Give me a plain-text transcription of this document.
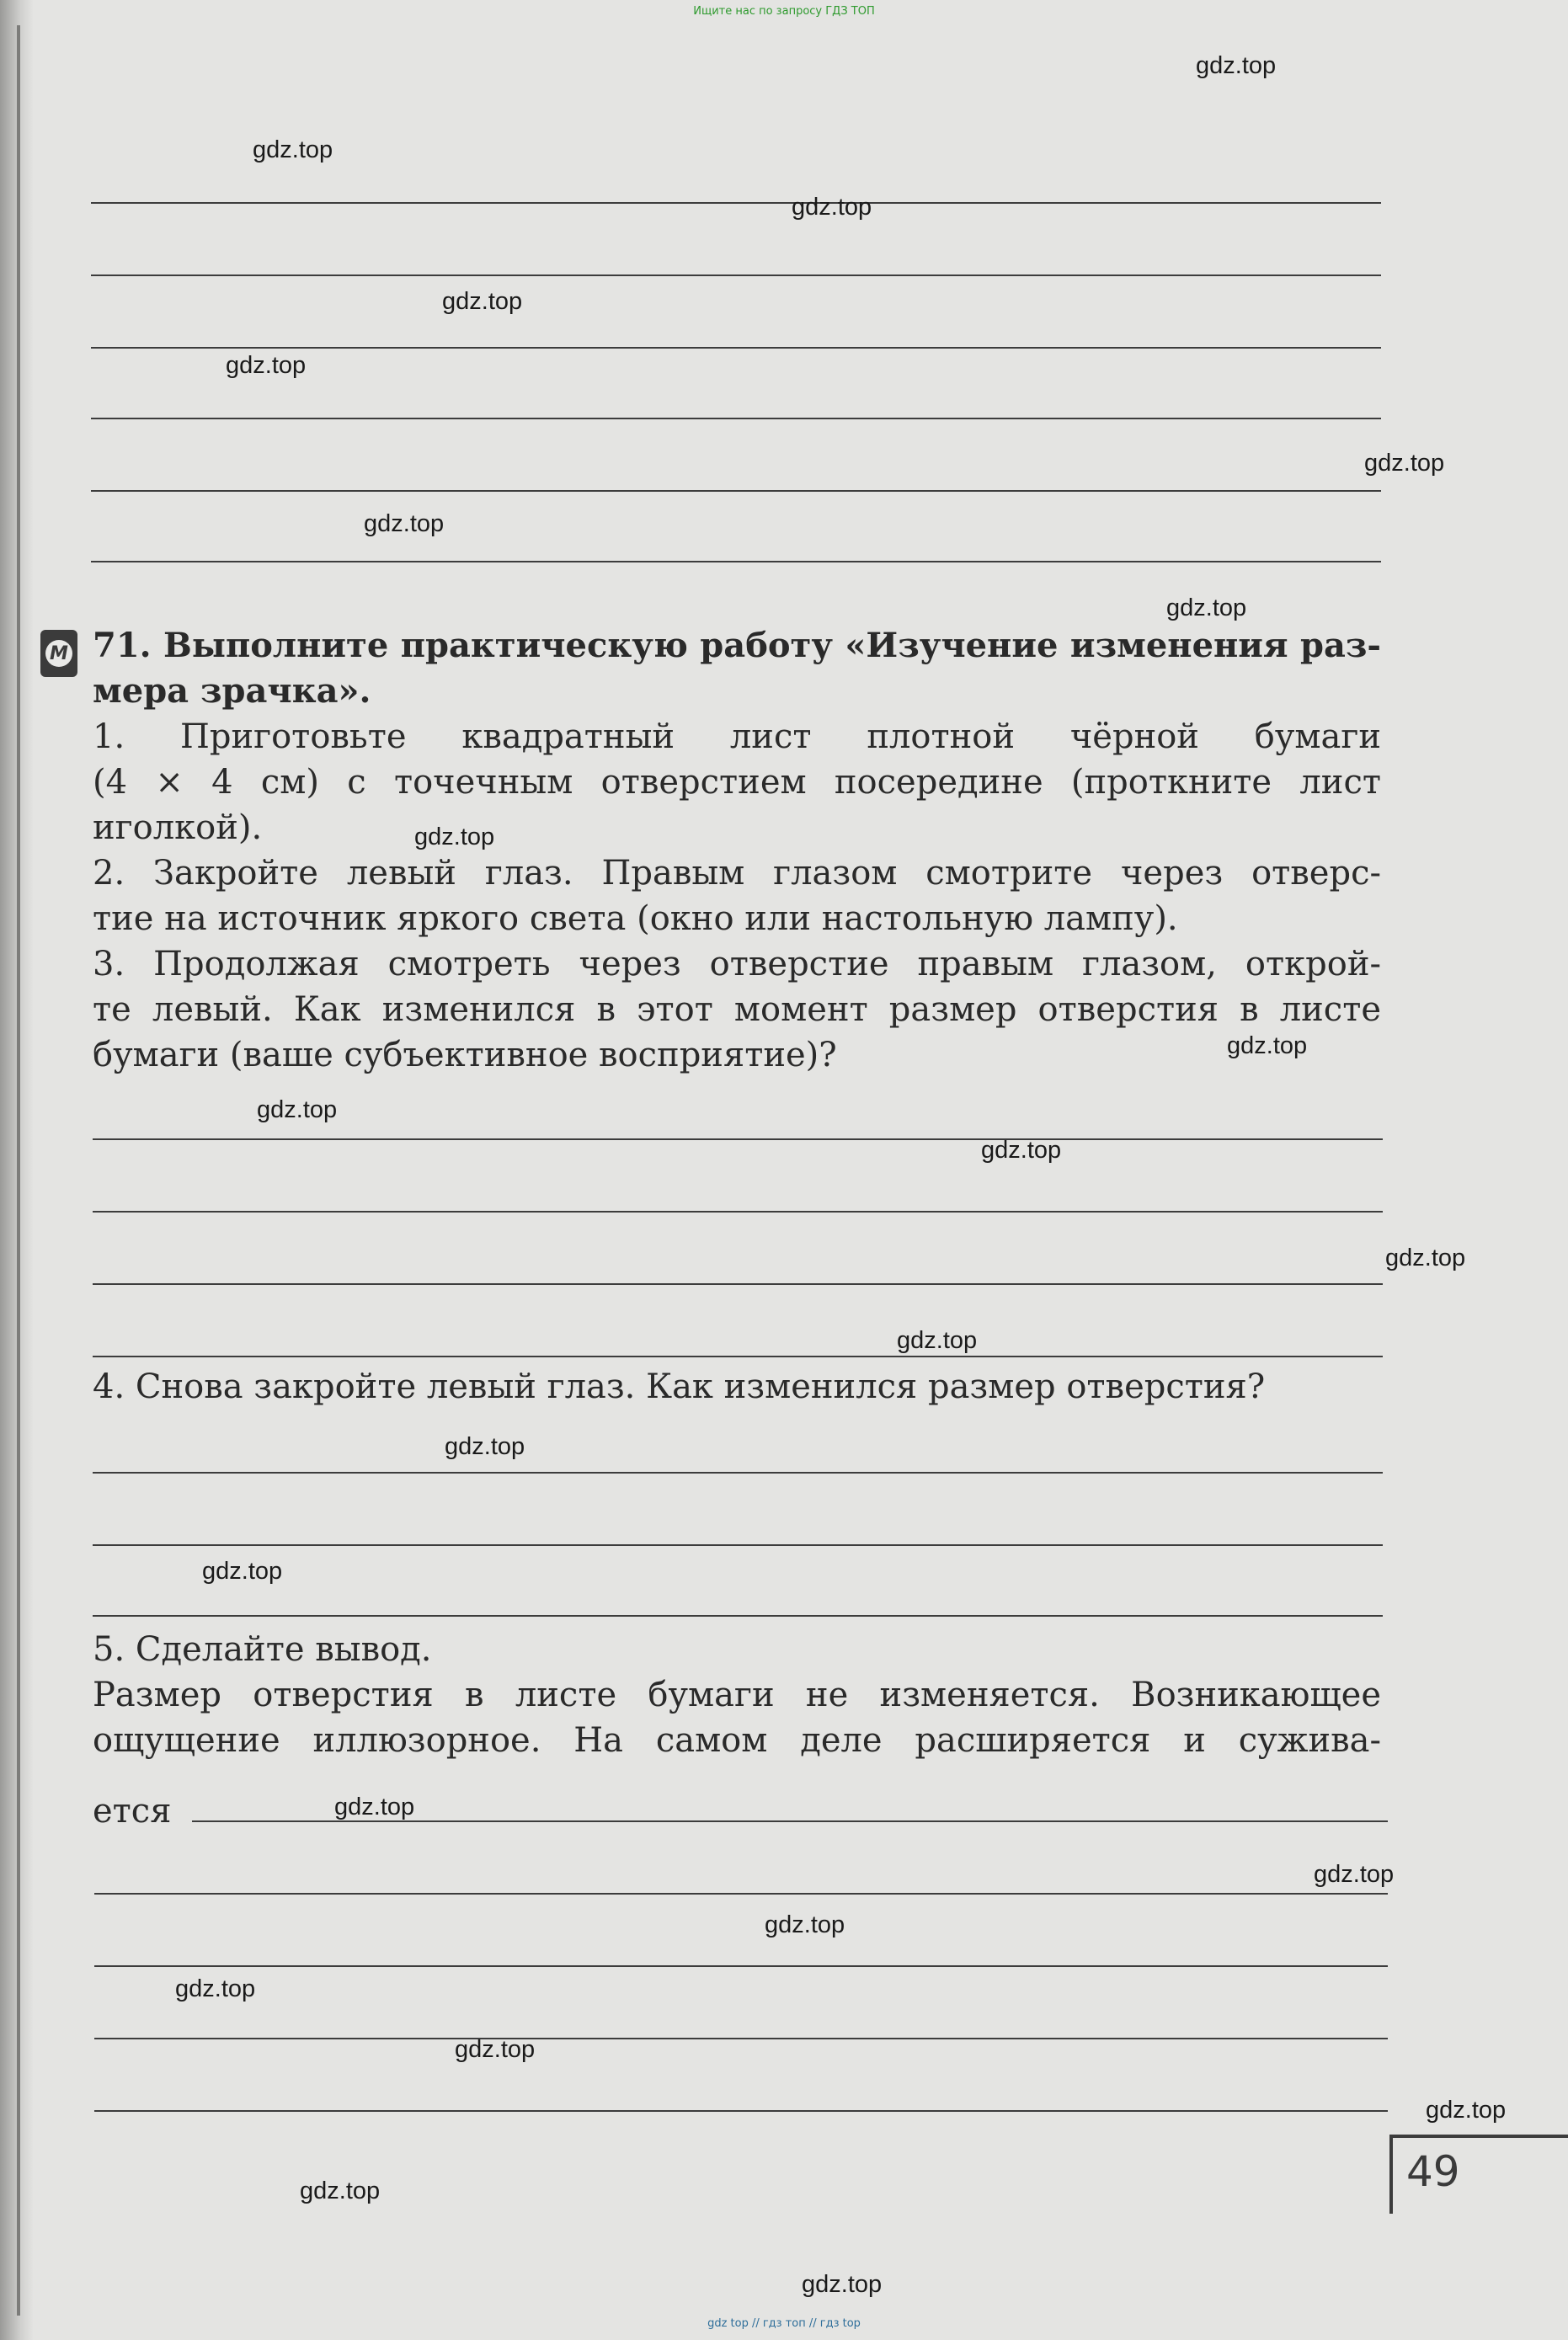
Ищите нас по запросу ГДЗ ТОП
М 71. Выполните практическую работу «Изучение изменения раз-
мера зрачка».
1. Приготовьте квадратный лист плотной чёрной бумаги
(4 × 4 см) с точечным отверстием посередине (проткните лист
иголкой).
2. Закройте левый глаз. Правым глазом смотрите через отверс-
тие на источник яркого света (окно или настольную лампу).
3. Продолжая смотреть через отверстие правым глазом, открой-
те левый. Как изменился в этот момент размер отверстия в листе
бумаги (ваше субъективное восприятие)?
4. Снова закройте левый глаз. Как изменился размер отверстия?
5. Сделайте вывод.
Размер отверстия в листе бумаги не изменяется. Возникающее
ощущение иллюзорное. На самом деле расширяется и сужива-
ется
49
gdz.top
gdz.top
gdz.top
gdz.top
gdz.top
gdz.top
gdz.top
gdz.top
gdz.top
gdz.top
gdz.top
gdz.top
gdz.top
gdz.top
gdz.top
gdz.top
gdz.top
gdz.top
gdz.top
gdz.top
gdz.top
gdz.top
gdz.top
gdz.top
gdz top // гдз топ // гдз top
